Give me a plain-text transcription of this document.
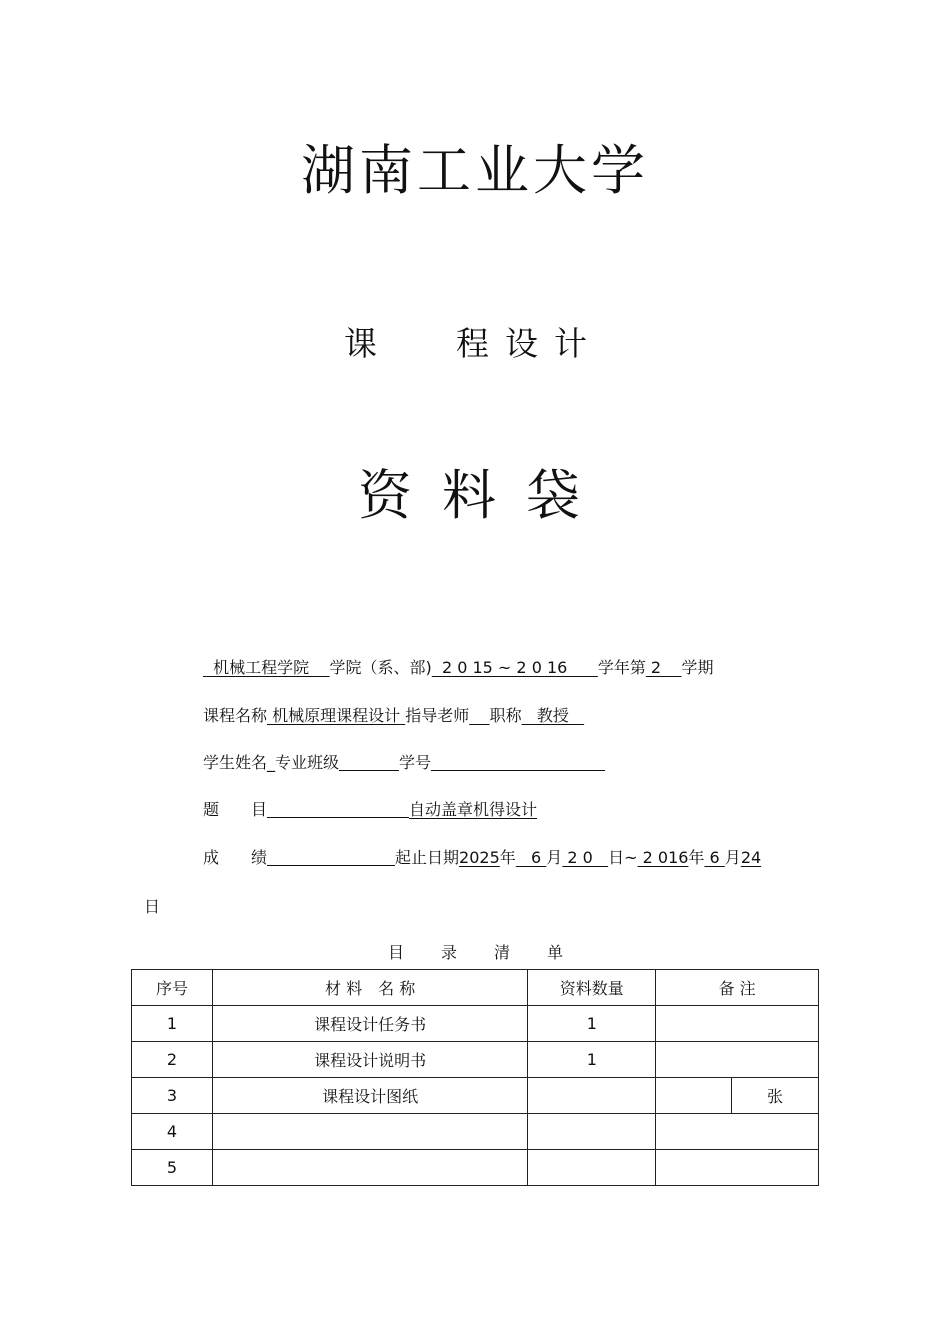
湖南工业大学
课 程设计
资料袋
机械工程学院    学院（系、部)  2 0 15 ~ 2 0 16      学年第 2    学期
课程名称 机械原理课程设计 指导老师 职称   教授
学生姓名_专业班级	学号
题　　目	自动盖章机得设计
成　　绩	起止日期2025年   6 月 2 0   日~ 2 016年 6 月24
日
目 录 清 单
序号	材 料　名 称	资料数量	备 注	
1	课程设计任务书	1		
2	课程设计说明书	1		
3	课程设计图纸			张
4				
5				
